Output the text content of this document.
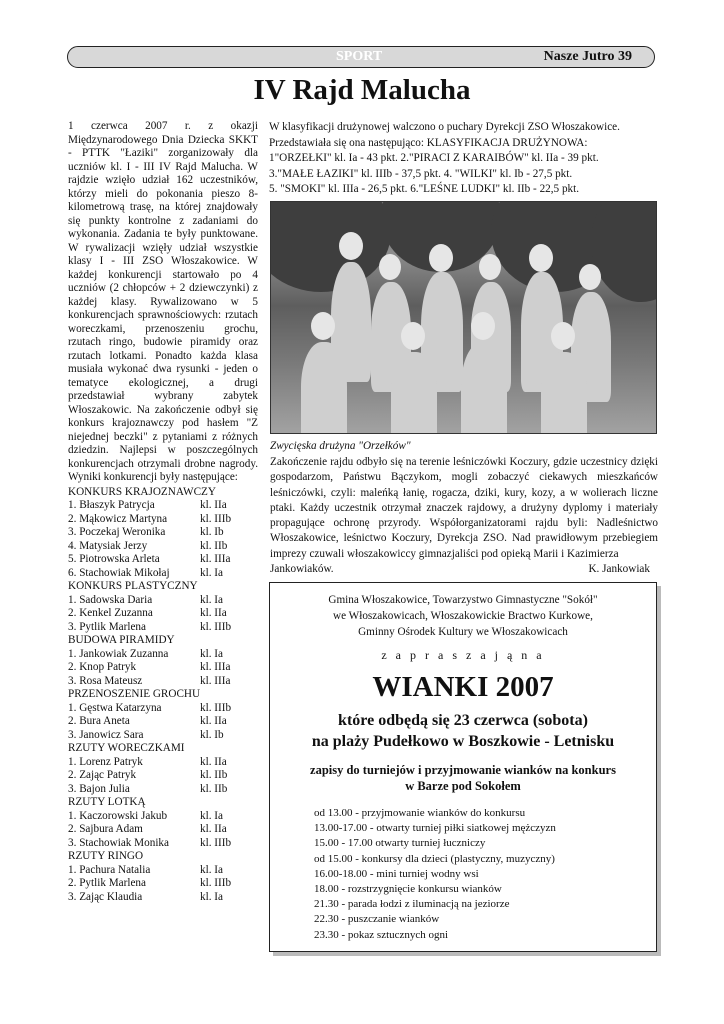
SPORT	Nasze Jutro 39
IV Rajd Malucha

1 czerwca 2007 r. z okazji Międzynarodowego Dnia Dziecka SKKT - PTTK "Łaziki" zorganizowały dla uczniów kl. I - III IV Rajd Malucha. W rajdzie wzięło udział 162 uczestników, którzy mieli do pokonania pieszo 8-kilometrową trasę, na której znajdowały się punkty kontrolne z zadaniami do wykonania. Zadania te były punktowane. W rywalizacji wzięły udział wszystkie klasy I - III ZSO Włoszakowice. W każdej konkurencji startowało po 4 uczniów (2 chłopców + 2 dziewczynki) z każdej klasy. Rywalizowano w 5 konkurencjach sprawnościowych: rzutach woreczkami, przenoszeniu grochu, rzutach ringo, budowie piramidy oraz rzutach lotkami. Ponadto każda klasa musiała wykonać dwa rysunki - jeden o tematyce ekologicznej, a drugi przedstawiał wybrany zabytek Włoszakowic. Na zakończenie odbył się konkurs krajoznawczy pod hasłem "Z niejednej beczki" z pytaniami z różnych dziedzin. Najlepsi w poszczególnych konkurencjach otrzymali drobne nagrody. Wyniki konkurencji były następujące:

KONKURS KRAJOZNAWCZY
1. Błaszyk Patrycja	kl. IIa
2. Mąkowicz Martyna	kl. IIIb
3. Poczekaj Weronika	kl. Ib
4. Matysiak Jerzy	kl. IIb
5. Piotrowska Arleta	kl. IIIa
6. Stachowiak Mikołaj	kl. Ia
KONKURS PLASTYCZNY
1. Sadowska Daria	kl. Ia
2. Kenkel Zuzanna	kl. IIa
3. Pytlik Marlena	kl. IIIb
BUDOWA PIRAMIDY
1. Jankowiak Zuzanna	kl. Ia
2. Knop Patryk	kl. IIIa
3. Rosa Mateusz	kl. IIIa
PRZENOSZENIE GROCHU
1. Gęstwa Katarzyna	kl. IIIb
2. Bura Aneta	kl. IIa
3. Janowicz Sara	kl. Ib
RZUTY WORECZKAMI
1. Lorenz Patryk	kl. IIa
2. Zając Patryk	kl. IIb
3. Bajon Julia	kl. IIb
RZUTY LOTKĄ
1. Kaczorowski Jakub	kl. Ia
2. Sajbura Adam	kl. IIa
3. Stachowiak Monika	kl. IIIb
RZUTY RINGO
1. Pachura Natalia	kl. Ia
2. Pytlik Marlena	kl. IIIb
3. Zając Klaudia	kl. Ia
W klasyfikacji drużynowej walczono o puchary Dyrekcji ZSO Włoszakowice.
Przedstawiała się ona następująco: KLASYFIKACJA DRUŻYNOWA:
1"ORZEŁKI" kl. Ia - 43 pkt. 2."PIRACI Z KARAIBÓW" kl. IIa - 39 pkt.
3."MAŁE ŁAZIKI" kl. IIIb - 37,5 pkt. 4. "WILKI" kl. Ib - 27,5 pkt.
5. "SMOKI" kl. IIIa - 26,5 pkt. 6."LEŚNE LUDKI" kl. IIb - 22,5 pkt.
Zwycięska drużyna "Orzełków"
Zakończenie rajdu odbyło się na terenie leśniczówki Koczury, gdzie uczestnicy dzięki gospodarzom, Państwu Bączykom, mogli zobaczyć ciekawych mieszkańców leśniczówki, czyli: maleńką łanię, rogacza, dziki, kury, kozy, a w wolierach liczne ptaki. Każdy uczestnik otrzymał znaczek rajdowy, a drużyny dyplomy i materiały propagujące ochronę przyrody. Współorganizatorami rajdu byli: Nadleśnictwo Włoszakowice, leśnictwo Koczury, Dyrekcja ZSO. Nad prawidłowym przebiegiem imprezy czuwali włoszakowiccy gimnazjaliści pod opieką Marii i Kazimierza
Jankowiaków.	K. Jankowiak
Gmina Włoszakowice, Towarzystwo Gimnastyczne "Sokół"
we Włoszakowicach, Włoszakowickie Bractwo Kurkowe,
Gminny Ośrodek Kultury we Włoszakowicach
z a p r a s z a j ą n a
WIANKI 2007
które odbędą się 23 czerwca (sobota)
na plaży Pudełkowo w Boszkowie - Letnisku
zapisy do turniejów i przyjmowanie wianków na konkurs
w Barze pod Sokołem
od 13.00 - przyjmowanie wianków do konkursu
13.00-17.00 - otwarty turniej piłki siatkowej mężczyzn
15.00 - 17.00 otwarty turniej łuczniczy
od 15.00 - konkursy dla dzieci (plastyczny, muzyczny)
16.00-18.00 - mini turniej wodny wsi
18.00 - rozstrzygnięcie konkursu wianków
21.30 - parada łodzi z iluminacją na jeziorze
22.30 - puszczanie wianków
23.30 - pokaz sztucznych ogni
